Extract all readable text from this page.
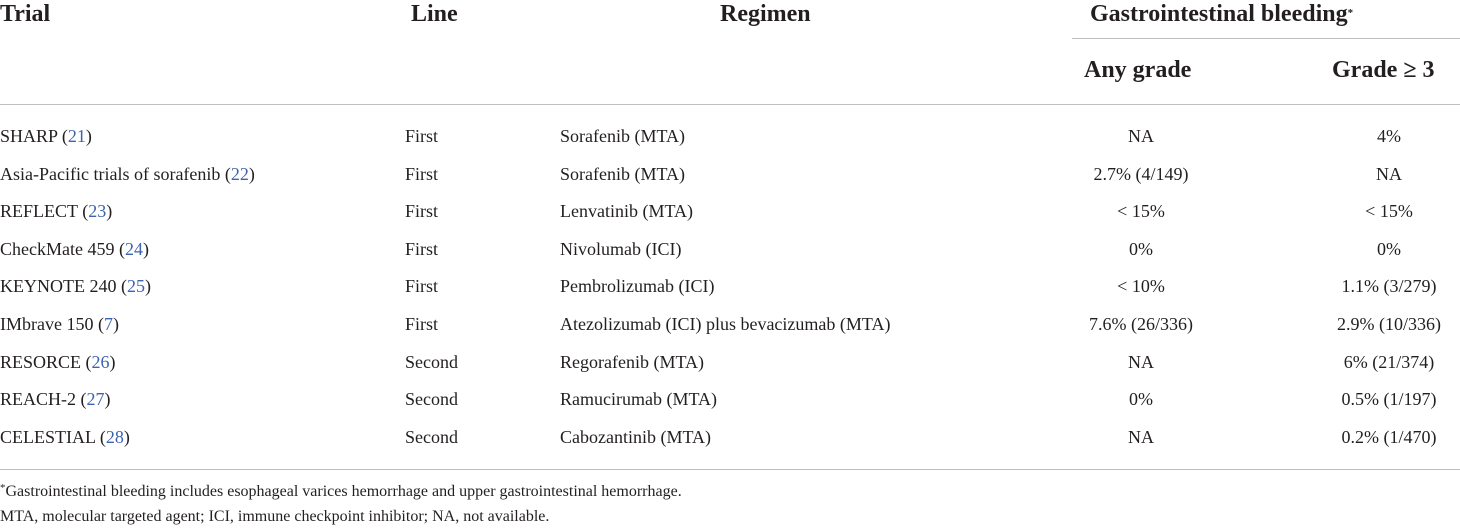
Trial	Line	Regimen	Gastrointestinal bleeding*
Any grade	Grade ≥ 3
SHARP (21)	First	Sorafenib (MTA)	NA	4%
Asia-Pacific trials of sorafenib (22)	First	Sorafenib (MTA)	2.7% (4/149)	NA
REFLECT (23)	First	Lenvatinib (MTA)	< 15%	< 15%
CheckMate 459 (24)	First	Nivolumab (ICI)	0%	0%
KEYNOTE 240 (25)	First	Pembrolizumab (ICI)	< 10%	1.1% (3/279)
IMbrave 150 (7)	First	Atezolizumab (ICI) plus bevacizumab (MTA)	7.6% (26/336)	2.9% (10/336)
RESORCE (26)	Second	Regorafenib (MTA)	NA	6% (21/374)
REACH-2 (27)	Second	Ramucirumab (MTA)	0%	0.5% (1/197)
CELESTIAL (28)	Second	Cabozantinib (MTA)	NA	0.2% (1/470)
*Gastrointestinal bleeding includes esophageal varices hemorrhage and upper gastrointestinal hemorrhage.
MTA, molecular targeted agent; ICI, immune checkpoint inhibitor; NA, not available.
